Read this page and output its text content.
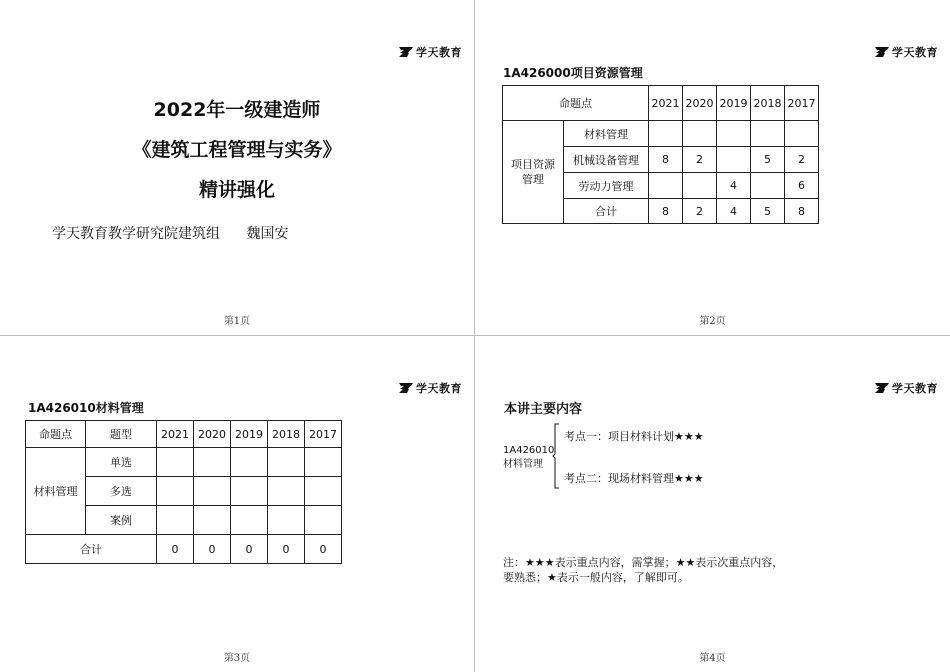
学天教育
2022年一级建造师
《建筑工程管理与实务》
精讲强化
学天教育教学研究院建筑组 魏国安
第1页
学天教育
1A426000项目资源管理
命题点		2021	2020	2019	2018	2017

项目资源管理	材料管理					
	机械设备管理	8	2		5	2
	劳动力管理			4		6
	合计	8	2	4	5	8
第2页
学天教育
1A426010材料管理
命题点	题型	2021	2020	2019	2018	2017
材料管理	单选					
	多选					
	案例					
合计		0	0	0	0	0
第3页
学天教育
本讲主要内容
1A426010
材料管理
考点一：项目材料计划★★★
考点二：现场材料管理★★★
注：★★★表示重点内容，需掌握；★★表示次重点内容，
要熟悉；★表示一般内容，了解即可。
第4页
